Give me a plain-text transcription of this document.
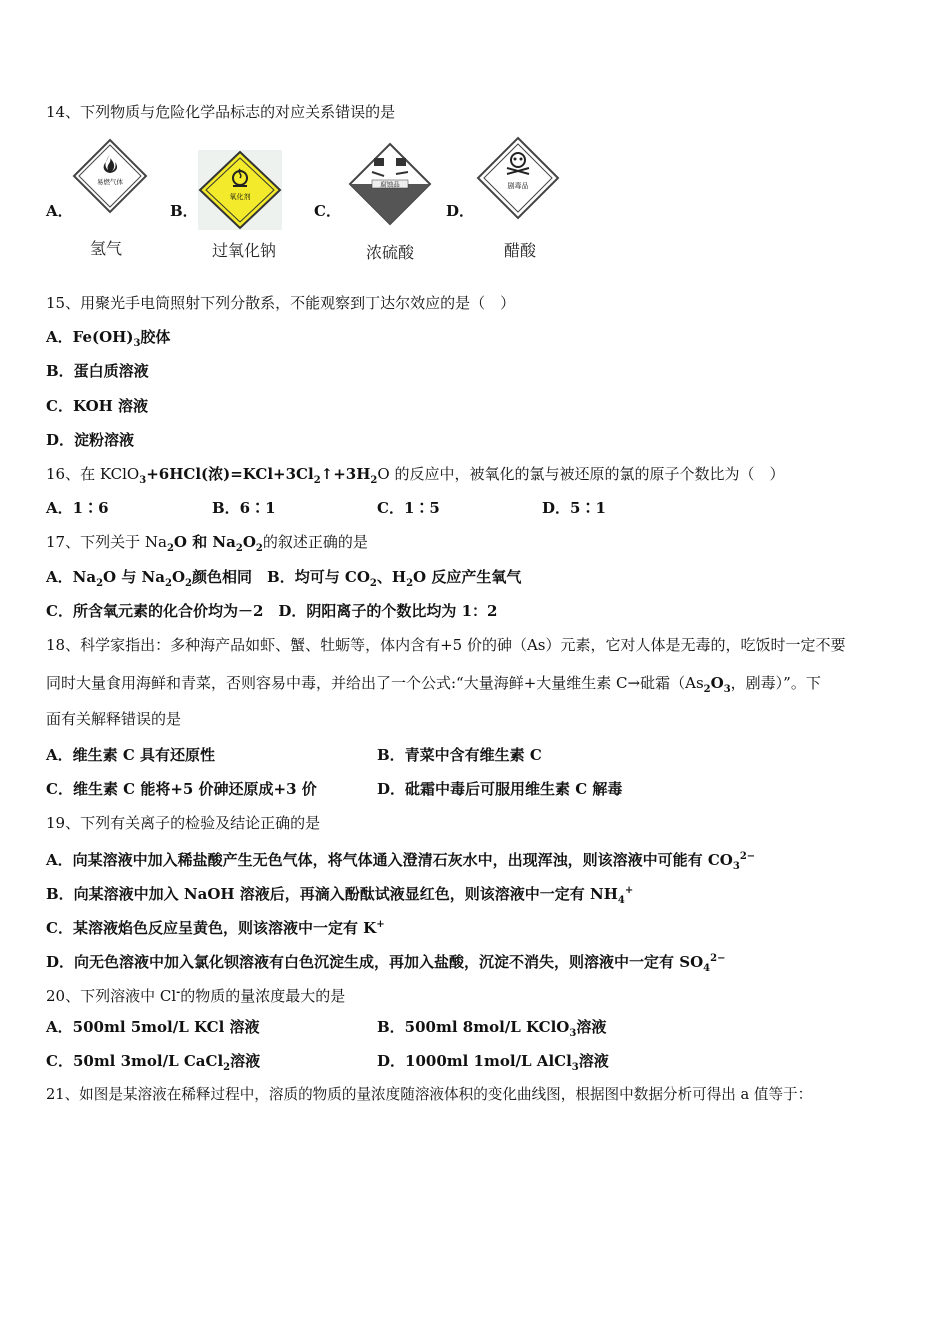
14、下列物质与危险化学品标志的对应关系错误的是
A．
易燃气体
氢气
B．
氧化剂
过氧化钠
C．
腐蚀品
浓硫酸
D．
剧毒品
醋酸
15、用聚光手电筒照射下列分散系，不能观察到丁达尔效应的是（　）
A．$Fe(OH)_3$胶体
B．蛋白质溶液
C．KOH 溶液
D．淀粉溶液
16、在 KClO$_3$+6HCl(浓)$=KCl+3Cl_2↑+3H_2O$ 的反应中，被氧化的氯与被还原的氯的原子个数比为（　）
A．1∶6	B．6∶1	C．1∶5	D．5∶1
17、下列关于 $Na_2O$ 和 $Na_2O_2$的叙述正确的是
A．$Na_2O$ 与 $Na_2O_2$颜色相同　B．均可与 $CO_2$、$H_2O$ 反应产生氧气
C．所含氧元素的化合价均为－2　D．阴阳离子的个数比均为 1：2
18、科学家指出：多种海产品如虾、蟹、牡蛎等，体内含有+5 价的砷（As）元素，它对人体是无毒的，吃饭时一定不要
同时大量食用海鲜和青菜，否则容易中毒，并给出了一个公式:“大量海鲜+大量维生素 C→砒霜（$As_2O_3$，剧毒）”。下
面有关解释错误的是
A．维生素 C 具有还原性	B．青菜中含有维生素 C
C．维生素 C 能将+5 价砷还原成+3 价	D．砒霜中毒后可服用维生素 C 解毒
19、下列有关离子的检验及结论正确的是
A．向某溶液中加入稀盐酸产生无色气体，将气体通入澄清石灰水中，出现浑浊，则该溶液中可能有 $CO_3^{2-}$
B．向某溶液中加入 NaOH 溶液后，再滴入酚酞试液显红色，则该溶液中一定有 $NH_4^+$
C．某溶液焰色反应呈黄色，则该溶液中一定有 K+
D．向无色溶液中加入氯化钡溶液有白色沉淀生成，再加入盐酸，沉淀不消失，则溶液中一定有 $SO_4^{2-}$
20、下列溶液中 Cl-的物质的量浓度最大的是
A．500ml 5mol/L KCl 溶液	B．500ml 8mol/L KClO$_3$溶液
C．50ml 3mol/L CaCl$_2$溶液	D．1000ml 1mol/L AlCl$_3$溶液
21、如图是某溶液在稀释过程中，溶质的物质的量浓度随溶液体积的变化曲线图，根据图中数据分析可得出 a 值等于：
